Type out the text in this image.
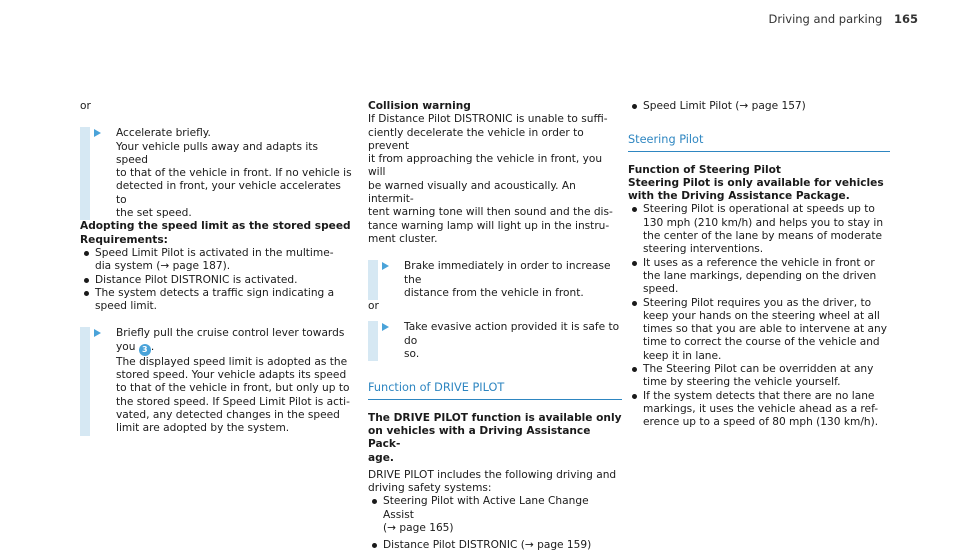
Driving and parking 165

or

Accelerate briefly.

Your vehicle pulls away and adapts its speed

to that of the vehicle in front. If no vehicle is

detected in front, your vehicle accelerates to

the set speed.

Adopting the speed limit as the stored speed

Requirements:

Speed Limit Pilot is activated in the multime-

dia system (→ page 187).

Distance Pilot DISTRONIC is activated.

The system detects a traffic sign indicating a

speed limit.

Briefly pull the cruise control lever towards

you 3 .

The displayed speed limit is adopted as the

stored speed. Your vehicle adapts its speed

to that of the vehicle in front, but only up to

the stored speed. If Speed Limit Pilot is acti-

vated, any detected changes in the speed

limit are adopted by the system.

Collision warning

If Distance Pilot DISTRONIC is unable to suffi-

ciently decelerate the vehicle in order to prevent

it from approaching the vehicle in front, you will

be warned visually and acoustically. An intermit-

tent warning tone will then sound and the dis-

tance warning lamp will light up in the instru-

ment cluster.

Brake immediately in order to increase the

distance from the vehicle in front.

or

Take evasive action provided it is safe to do

so.

Function of DRIVE PILOT

The DRIVE PILOT function is available only

on vehicles with a Driving Assistance Pack-

age.

DRIVE PILOT includes the following driving and

driving safety systems:

Steering Pilot with Active Lane Change Assist

(→ page 165)

Distance Pilot DISTRONIC (→ page 159)

Speed Limit Pilot (→ page 157)

Steering Pilot

Function of Steering Pilot

Steering Pilot is only available for vehicles

with the Driving Assistance Package.

Steering Pilot is operational at speeds up to

130 mph (210 km/h) and helps you to stay in

the center of the lane by means of moderate

steering interventions.

It uses as a reference the vehicle in front or

the lane markings, depending on the driven

speed.

Steering Pilot requires you as the driver, to

keep your hands on the steering wheel at all

times so that you are able to intervene at any

time to correct the course of the vehicle and

keep it in lane.

The Steering Pilot can be overridden at any

time by steering the vehicle yourself.

If the system detects that there are no lane

markings, it uses the vehicle ahead as a ref-

erence up to a speed of 80 mph (130 km/h).
